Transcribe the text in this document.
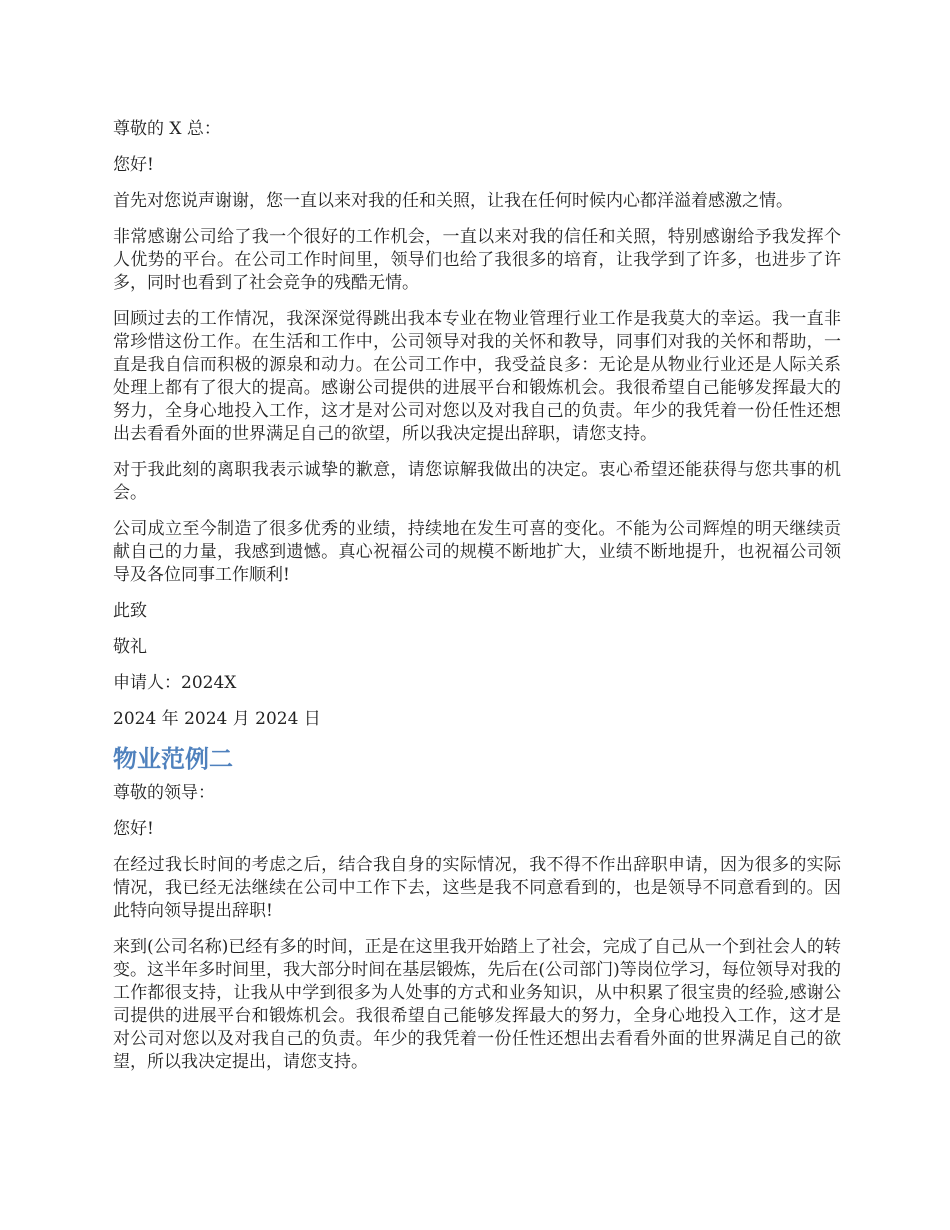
尊敬的 X 总：

您好!

首先对您说声谢谢，您一直以来对我的任和关照，让我在任何时候内心都洋溢着感激之情。

非常感谢公司给了我一个很好的工作机会，一直以来对我的信任和关照，特别感谢给予我发挥个人优势的平台。在公司工作时间里，领导们也给了我很多的培育，让我学到了许多，也进步了许多，同时也看到了社会竞争的残酷无情。

回顾过去的工作情况，我深深觉得跳出我本专业在物业管理行业工作是我莫大的幸运。我一直非常珍惜这份工作。在生活和工作中，公司领导对我的关怀和教导，同事们对我的关怀和帮助，一直是我自信而积极的源泉和动力。在公司工作中，我受益良多：无论是从物业行业还是人际关系处理上都有了很大的提高。感谢公司提供的进展平台和锻炼机会。我很希望自己能够发挥最大的努力，全身心地投入工作，这才是对公司对您以及对我自己的负责。年少的我凭着一份任性还想出去看看外面的世界满足自己的欲望，所以我决定提出辞职，请您支持。

对于我此刻的离职我表示诚挚的歉意，请您谅解我做出的决定。衷心希望还能获得与您共事的机会。

公司成立至今制造了很多优秀的业绩，持续地在发生可喜的变化。不能为公司辉煌的明天继续贡献自己的力量，我感到遗憾。真心祝福公司的规模不断地扩大，业绩不断地提升，也祝福公司领导及各位同事工作顺利!

此致

敬礼

申请人：2024X

2024 年 2024 月 2024 日

物业范例二

尊敬的领导：

您好!

在经过我长时间的考虑之后，结合我自身的实际情况，我不得不作出辞职申请，因为很多的实际情况，我已经无法继续在公司中工作下去，这些是我不同意看到的，也是领导不同意看到的。因此特向领导提出辞职!

来到(公司名称)已经有多的时间，正是在这里我开始踏上了社会，完成了自己从一个到社会人的转变。这半年多时间里，我大部分时间在基层锻炼，先后在(公司部门)等岗位学习，每位领导对我的工作都很支持，让我从中学到很多为人处事的方式和业务知识，从中积累了很宝贵的经验,感谢公司提供的进展平台和锻炼机会。我很希望自己能够发挥最大的努力，全身心地投入工作，这才是对公司对您以及对我自己的负责。年少的我凭着一份任性还想出去看看外面的世界满足自己的欲望，所以我决定提出，请您支持。
